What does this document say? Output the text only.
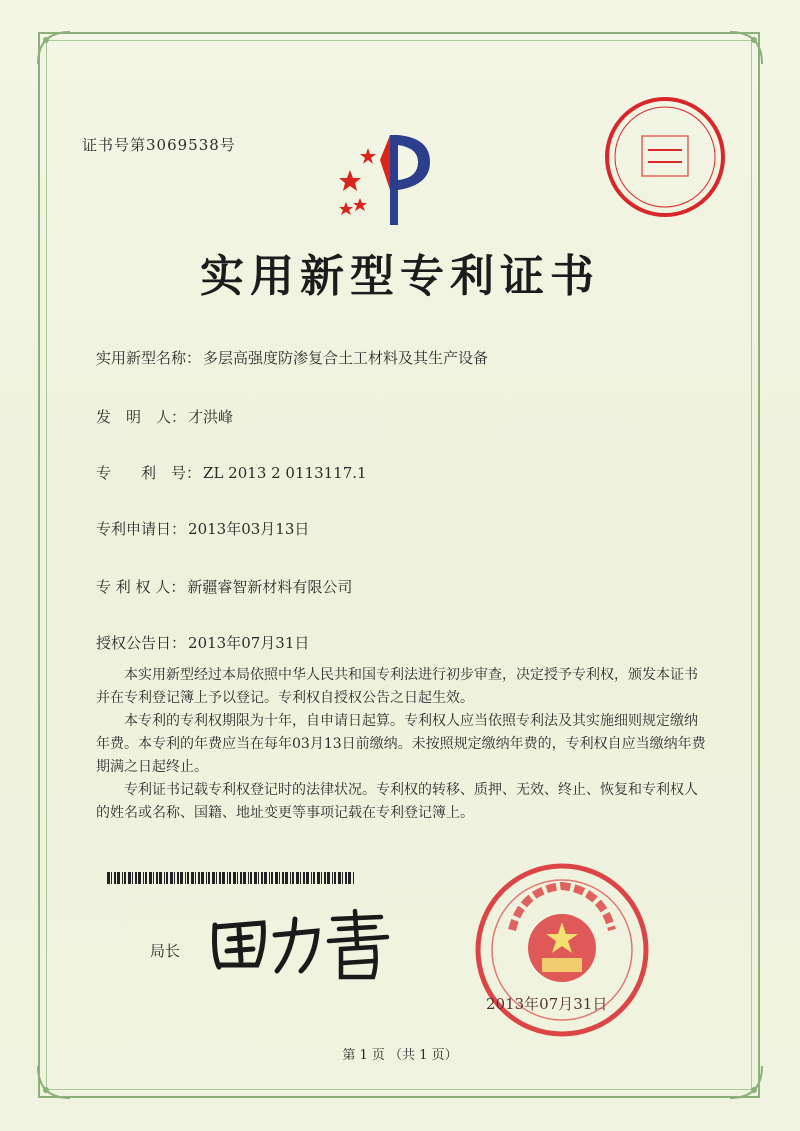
证书号第3069538号
实用新型专利证书
实用新型名称： 多层高强度防渗复合土工材料及其生产设备
发　明　人： 才洪峰
专　　利　号： ZL 2013 2 0113117.1
专利申请日： 2013年03月13日
专 利 权 人： 新疆睿智新材料有限公司
授权公告日： 2013年07月31日

本实用新型经过本局依照中华人民共和国专利法进行初步审查，决定授予专利权，颁发本证书并在专利登记簿上予以登记。专利权自授权公告之日起生效。

本专利的专利权期限为十年，自申请日起算。专利权人应当依照专利法及其实施细则规定缴纳年费。本专利的年费应当在每年03月13日前缴纳。未按照规定缴纳年费的，专利权自应当缴纳年费期满之日起终止。

专利证书记载专利权登记时的法律状况。专利权的转移、质押、无效、终止、恢复和专利权人的姓名或名称、国籍、地址变更等事项记载在专利登记簿上。

局长
2013年07月31日
第 1 页 （共 1 页）
